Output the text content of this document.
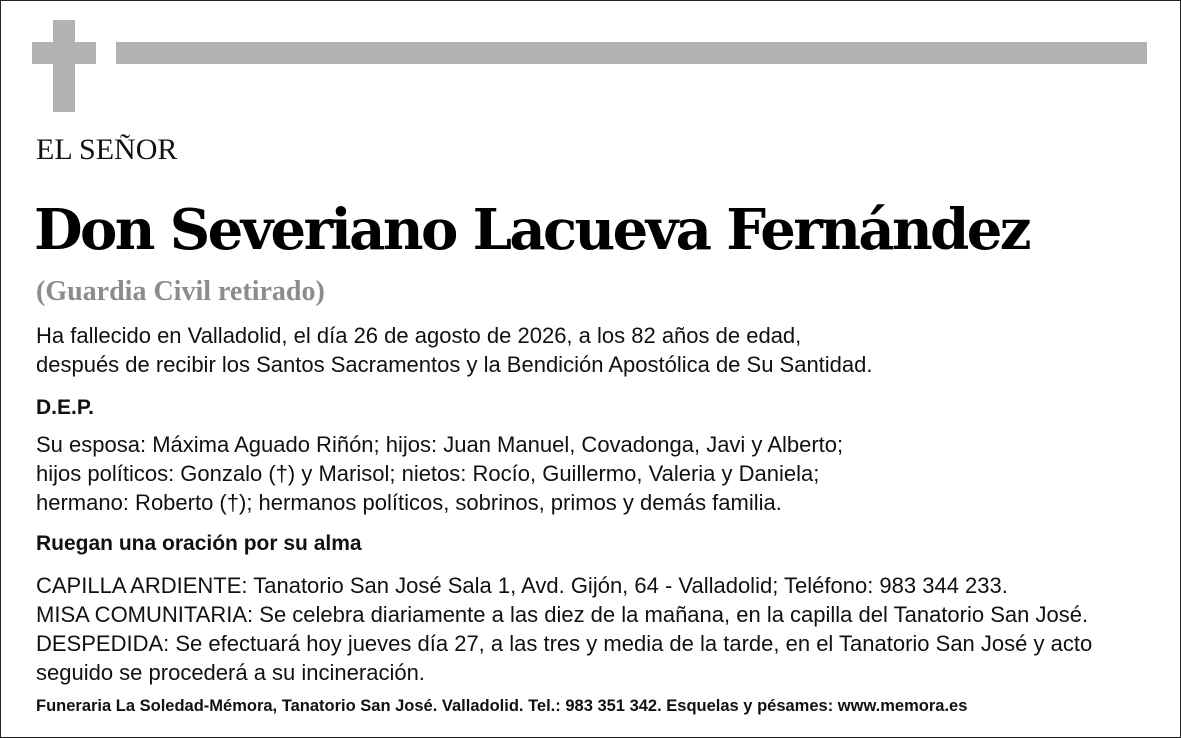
EL SEÑOR
Don Severiano Lacueva Fernández
(Guardia Civil retirado)
Ha fallecido en Valladolid, el día 26 de agosto de 2026, a los 82 años de edad,
después de recibir los Santos Sacramentos y la Bendición Apostólica de Su Santidad.
D.E.P.
Su esposa: Máxima Aguado Riñón; hijos: Juan Manuel, Covadonga, Javi y Alberto;
hijos políticos: Gonzalo (†) y Marisol; nietos: Rocío, Guillermo, Valeria y Daniela;
hermano: Roberto (†); hermanos políticos, sobrinos, primos y demás familia.
Ruegan una oración por su alma
CAPILLA ARDIENTE: Tanatorio San José Sala 1, Avd. Gijón, 64 - Valladolid; Teléfono: 983 344 233.
MISA COMUNITARIA: Se celebra diariamente a las diez de la mañana, en la capilla del Tanatorio San José.
DESPEDIDA: Se efectuará hoy jueves día 27, a las tres y media de la tarde, en el Tanatorio San José y acto
seguido se procederá a su incineración.
Funeraria La Soledad-Mémora, Tanatorio San José. Valladolid. Tel.: 983 351 342. Esquelas y pésames: www.memora.es
